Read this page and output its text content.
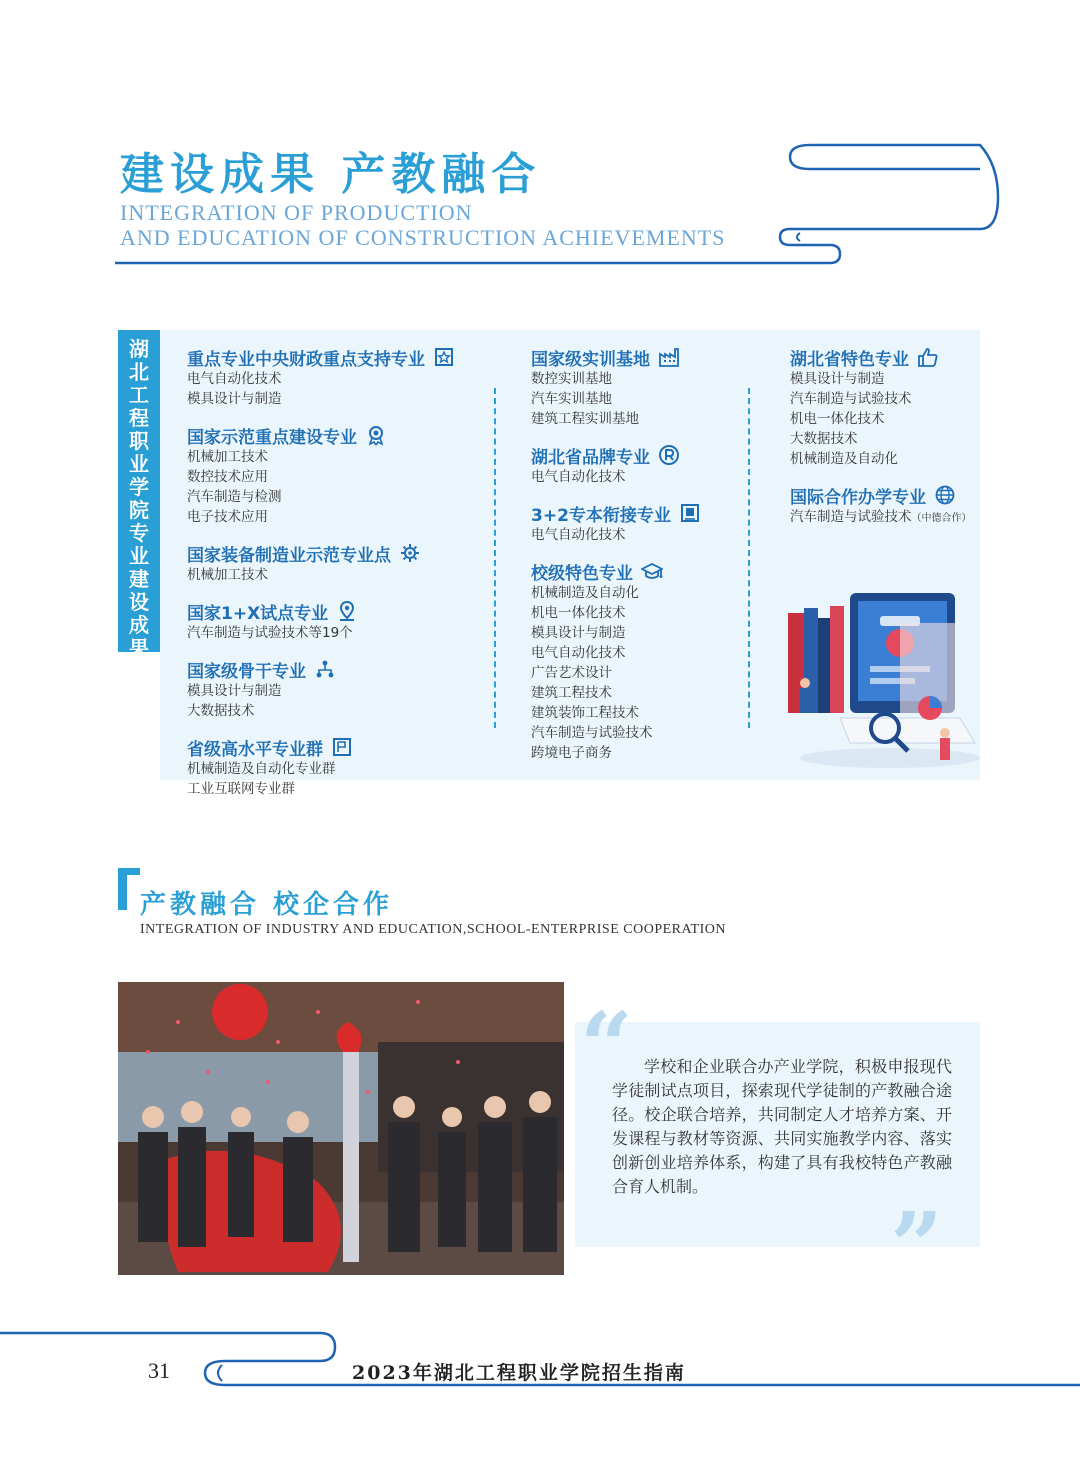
建设成果 产教融合
INTEGRATION OF PRODUCTION
AND EDUCATION OF CONSTRUCTION ACHIEVEMENTS
湖
北
工
程
职
业
学
院
专
业
建
设
成
果
重点专业中央财政重点支持专业
电气自动化技术
模具设计与制造
国家示范重点建设专业
机械加工技术
数控技术应用
汽车制造与检测
电子技术应用
国家装备制造业示范专业点
机械加工技术
国家1+X试点专业
汽车制造与试验技术等19个
国家级骨干专业
模具设计与制造
大数据技术
省级高水平专业群
机械制造及自动化专业群
工业互联网专业群
国家级实训基地
数控实训基地
汽车实训基地
建筑工程实训基地
湖北省品牌专业
电气自动化技术
3+2专本衔接专业
电气自动化技术
校级特色专业
机械制造及自动化
机电一体化技术
模具设计与制造
电气自动化技术
广告艺术设计
建筑工程技术
建筑装饰工程技术
汽车制造与试验技术
跨境电子商务
湖北省特色专业
模具设计与制造
汽车制造与试验技术
机电一体化技术
大数据技术
机械制造及自动化
国际合作办学专业
汽车制造与试验技术（中德合作）
产教融合 校企合作
INTEGRATION OF INDUSTRY AND EDUCATION,SCHOOL-ENTERPRISE COOPERATION
“
”
学校和企业联合办产业学院，积极申报现代学徒制试点项目，探索现代学徒制的产教融合途径。校企联合培养，共同制定人才培养方案、开发课程与教材等资源、共同实施教学内容、落实创新创业培养体系，构建了具有我校特色产教融合育人机制。
31	2023年湖北工程职业学院招生指南
